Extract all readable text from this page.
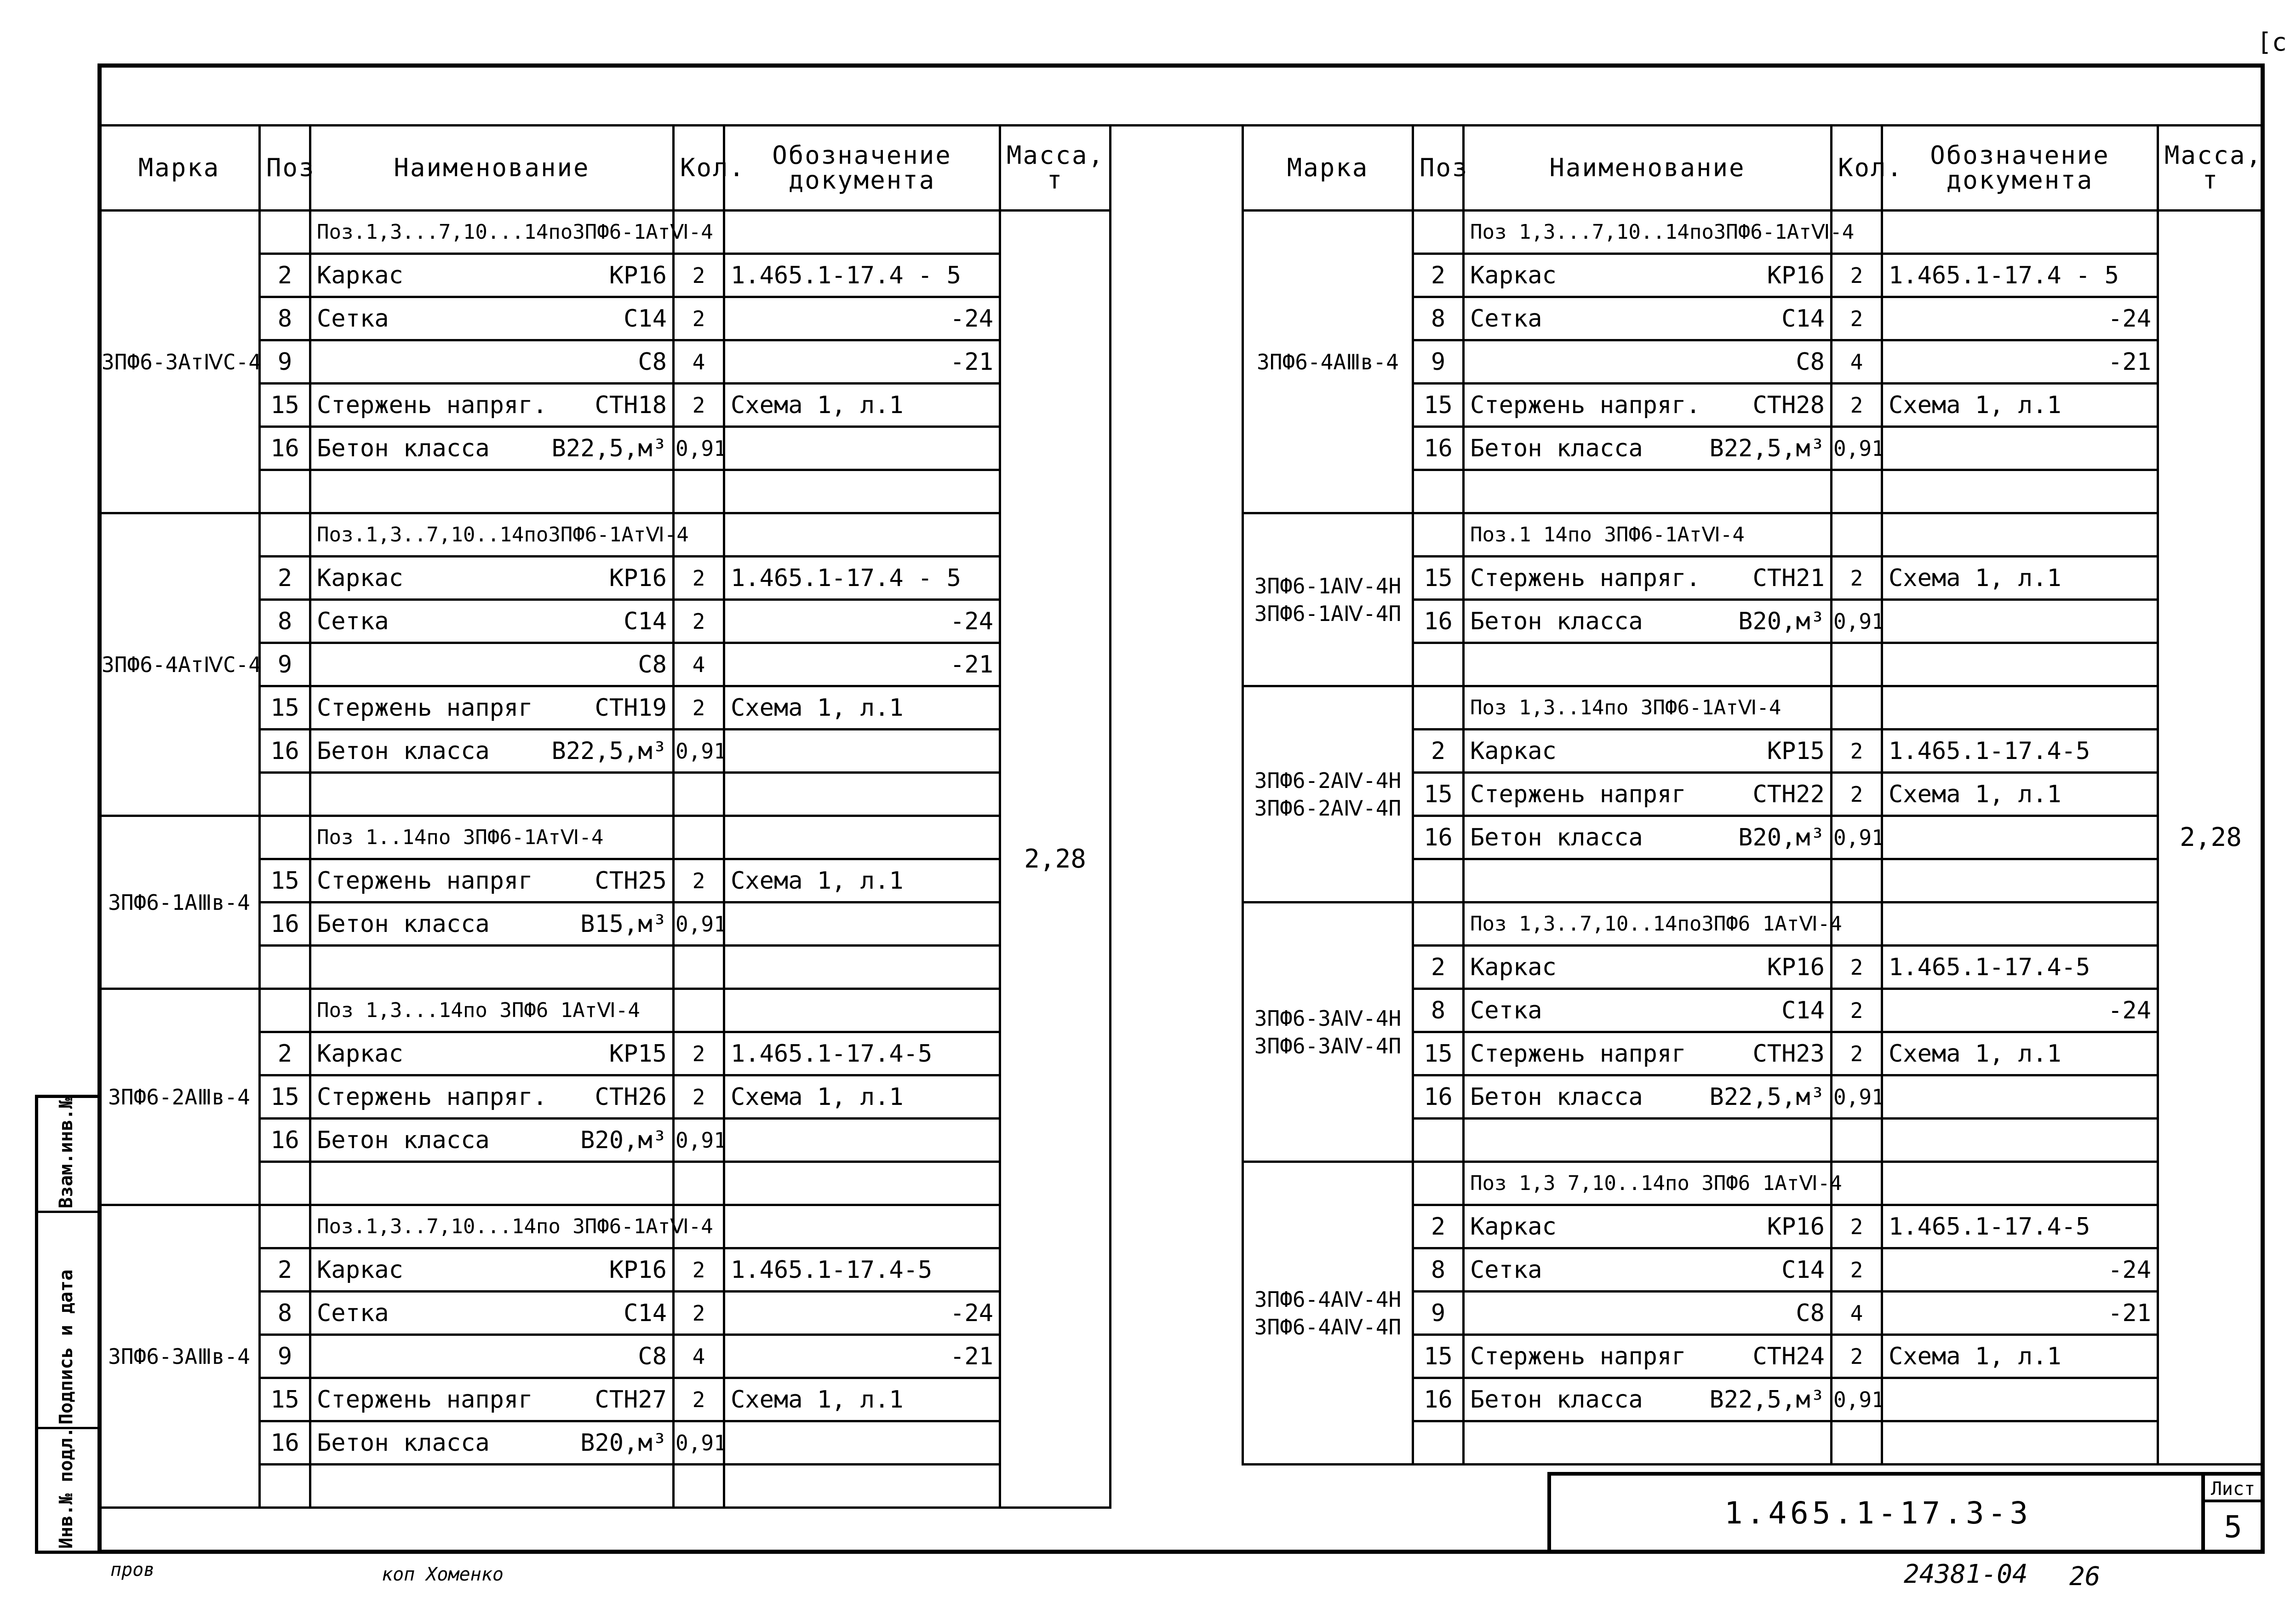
[с
Взам.инв.№
Подпись и дата
Инв.№ подл.
Марка	Поз	Наименование	Кол.	Обозначение
документа	Масса,
т

3ПФ6-3АтⅣС-4		Поз.1,3...7,10...14по3ПФ6-1АтⅥ-4			2,28
	2	Каркас КР16	2	1.465.1-17.4 - 5	
	8	Сетка С14	2	-24	
	9	С8	4	-21	
	15	Стержень напряг. СТН18	2	Схема 1, л.1	
	16	Бетон класса В22,5,м³	0,91		

3ПФ6-4АтⅣС-4		Поз.1,3..7,10..14по3ПФ6-1АтⅥ-4			
	2	Каркас КР16	2	1.465.1-17.4 - 5	
	8	Сетка С14	2	-24	
	9	С8	4	-21	
	15	Стержень напряг СТН19	2	Схема 1, л.1	
	16	Бетон класса В22,5,м³	0,91		

3ПФ6-1АⅢв-4		Поз 1..14по 3ПФ6-1АтⅥ-4			
	15	Стержень напряг СТН25	2	Схема 1, л.1	
	16	Бетон класса В15,м³	0,91		

3ПФ6-2АⅢв-4		Поз 1,3...14по 3ПФ6 1АтⅥ-4			
	2	Каркас КР15	2	1.465.1-17.4-5	
	15	Стержень напряг. СТН26	2	Схема 1, л.1	
	16	Бетон класса В20,м³	0,91		

3ПФ6-3АⅢв-4		Поз.1,3..7,10...14по 3ПФ6-1АтⅥ-4			
	2	Каркас КР16	2	1.465.1-17.4-5	
	8	Сетка С14	2	-24	
	9	С8	4	-21	
	15	Стержень напряг СТН27	2	Схема 1, л.1	
	16	Бетон класса В20,м³	0,91		

Марка	Поз	Наименование	Кол.	Обозначение
документа	Масса,
т

3ПФ6-4АⅢв-4		Поз 1,3...7,10..14по3ПФ6-1АтⅥ-4			2,28
	2	Каркас КР16	2	1.465.1-17.4 - 5	
	8	Сетка С14	2	-24	
	9	С8	4	-21	
	15	Стержень напряг. СТН28	2	Схема 1, л.1	
	16	Бетон класса В22,5,м³	0,91		

3ПФ6-1АⅣ-4Н
3ПФ6-1АⅣ-4П		Поз.1 14по 3ПФ6-1АтⅥ-4			
	15	Стержень напряг. СТН21	2	Схема 1, л.1	
	16	Бетон класса В20,м³	0,91		

3ПФ6-2АⅣ-4Н
3ПФ6-2АⅣ-4П		Поз 1,3..14по 3ПФ6-1АтⅥ-4			
	2	Каркас КР15	2	1.465.1-17.4-5	
	15	Стержень напряг СТН22	2	Схема 1, л.1	
	16	Бетон класса В20,м³	0,91		

3ПФ6-3АⅣ-4Н
3ПФ6-3АⅣ-4П		Поз 1,3..7,10..14по3ПФ6 1АтⅥ-4			
	2	Каркас КР16	2	1.465.1-17.4-5	
	8	Сетка С14	2	-24	
	15	Стержень напряг СТН23	2	Схема 1, л.1	
	16	Бетон класса В22,5,м³	0,91		

3ПФ6-4АⅣ-4Н
3ПФ6-4АⅣ-4П		Поз 1,3 7,10..14по 3ПФ6 1АтⅥ-4			
	2	Каркас КР16	2	1.465.1-17.4-5	
	8	Сетка С14	2	-24	
	9	С8	4	-21	
	15	Стержень напряг СТН24	2	Схема 1, л.1	
	16	Бетон класса В22,5,м³	0,91		

1.465.1-17.3-3
Лист
5
пров	коп Хоменко	24381-04 26
